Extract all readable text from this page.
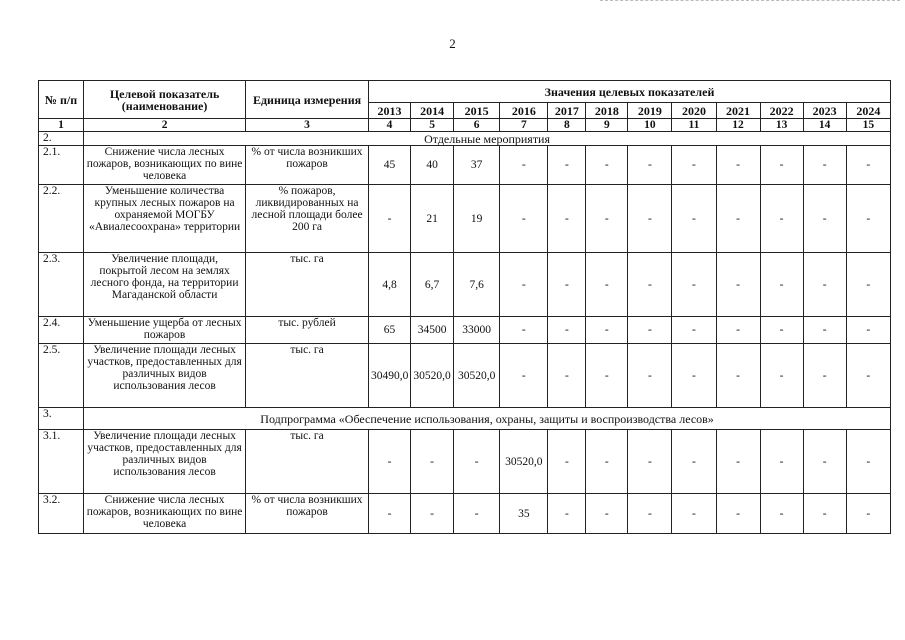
2
№ п/п	Целевой показатель (наименование)	Единица измерения	Значения целевых показателей											
			2013	2014	2015	2016	2017	2018	2019	2020	2021	2022	2023	2024
1	2	3	4	5	6	7	8	9	10	11	12	13	14	15
2.	Отдельные мероприятия													
2.1.	Снижение числа лесных пожаров, возникающих по вине человека	% от числа возникших пожаров	45	40	37	-	-	-	-	-	-	-	-	-
2.2.	Уменьшение количества крупных лесных пожаров на охраняемой МОГБУ «Авиалесоохрана» территории	% пожаров, ликвидированных на лесной площади более 200 га	-	21	19	-	-	-	-	-	-	-	-	-
2.3.	Увеличение площади, покрытой лесом на землях лесного фонда, на территории Магаданской области	тыс. га	4,8	6,7	7,6	-	-	-	-	-	-	-	-	-
2.4.	Уменьшение ущерба от лесных пожаров	тыс. рублей	65	34500	33000	-	-	-	-	-	-	-	-	-
2.5.	Увеличение площади лесных участков, предоставленных для различных видов использования лесов	тыс. га	30490,0	30520,0	30520,0	-	-	-	-	-	-	-	-	-
3.	Подпрограмма «Обеспечение использования, охраны, защиты и воспроизводства лесов»													
3.1.	Увеличение площади лесных участков, предоставленных для различных видов использования лесов	тыс. га	-	-	-	30520,0	-	-	-	-	-	-	-	-
3.2.	Снижение числа лесных пожаров, возникающих по вине человека	% от числа возникших пожаров	-	-	-	35	-	-	-	-	-	-	-	-
